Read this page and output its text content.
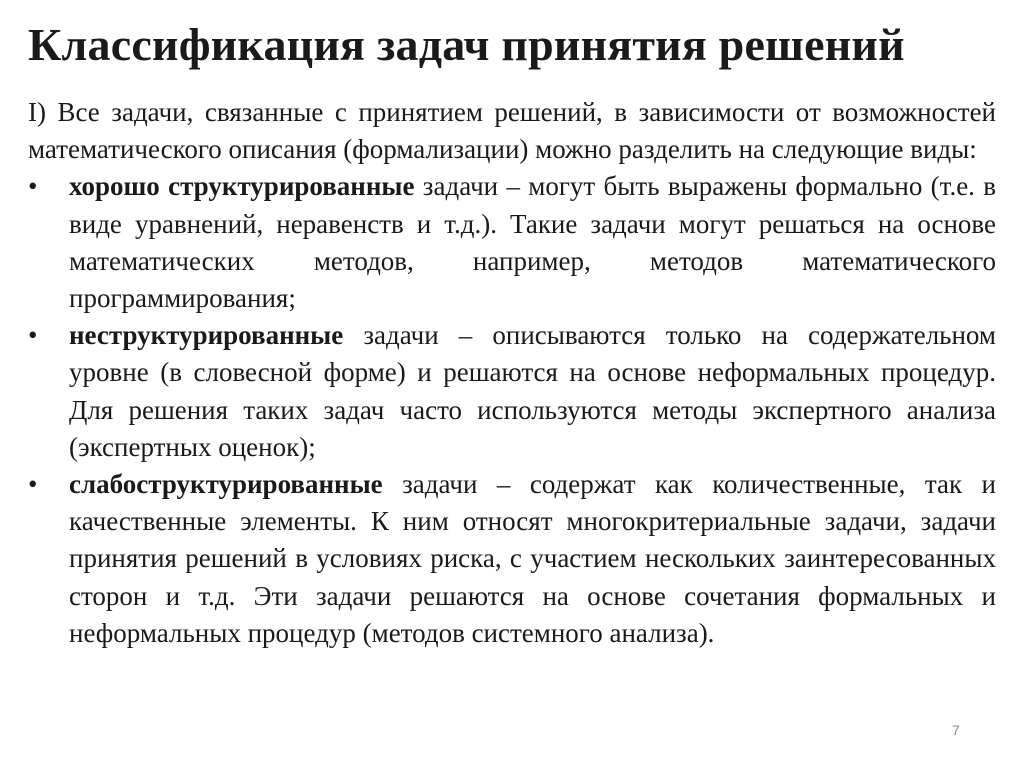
Классификация задач принятия решений

I) Все задачи, связанные с принятием решений, в зависимости от возможностей математического описания (формализации) можно разделить на следующие виды:

•	хорошо структурированные задачи – могут быть выражены формально (т.е. в виде уравнений, неравенств и т.д.). Такие задачи могут решаться на основе математических методов, например, методов математического программирования;
•	неструктурированные задачи – описываются только на содержательном уровне (в словесной форме) и решаются на основе неформальных процедур. Для решения таких задач часто используются методы экспертного анализа (экспертных оценок);
•	слабоструктурированные задачи – содержат как количественные, так и качественные элементы. К ним относят многокритериальные задачи, задачи принятия решений в условиях риска, с участием нескольких заинтересованных сторон и т.д. Эти задачи решаются на основе сочетания формальных и неформальных процедур (методов системного анализа).
7
